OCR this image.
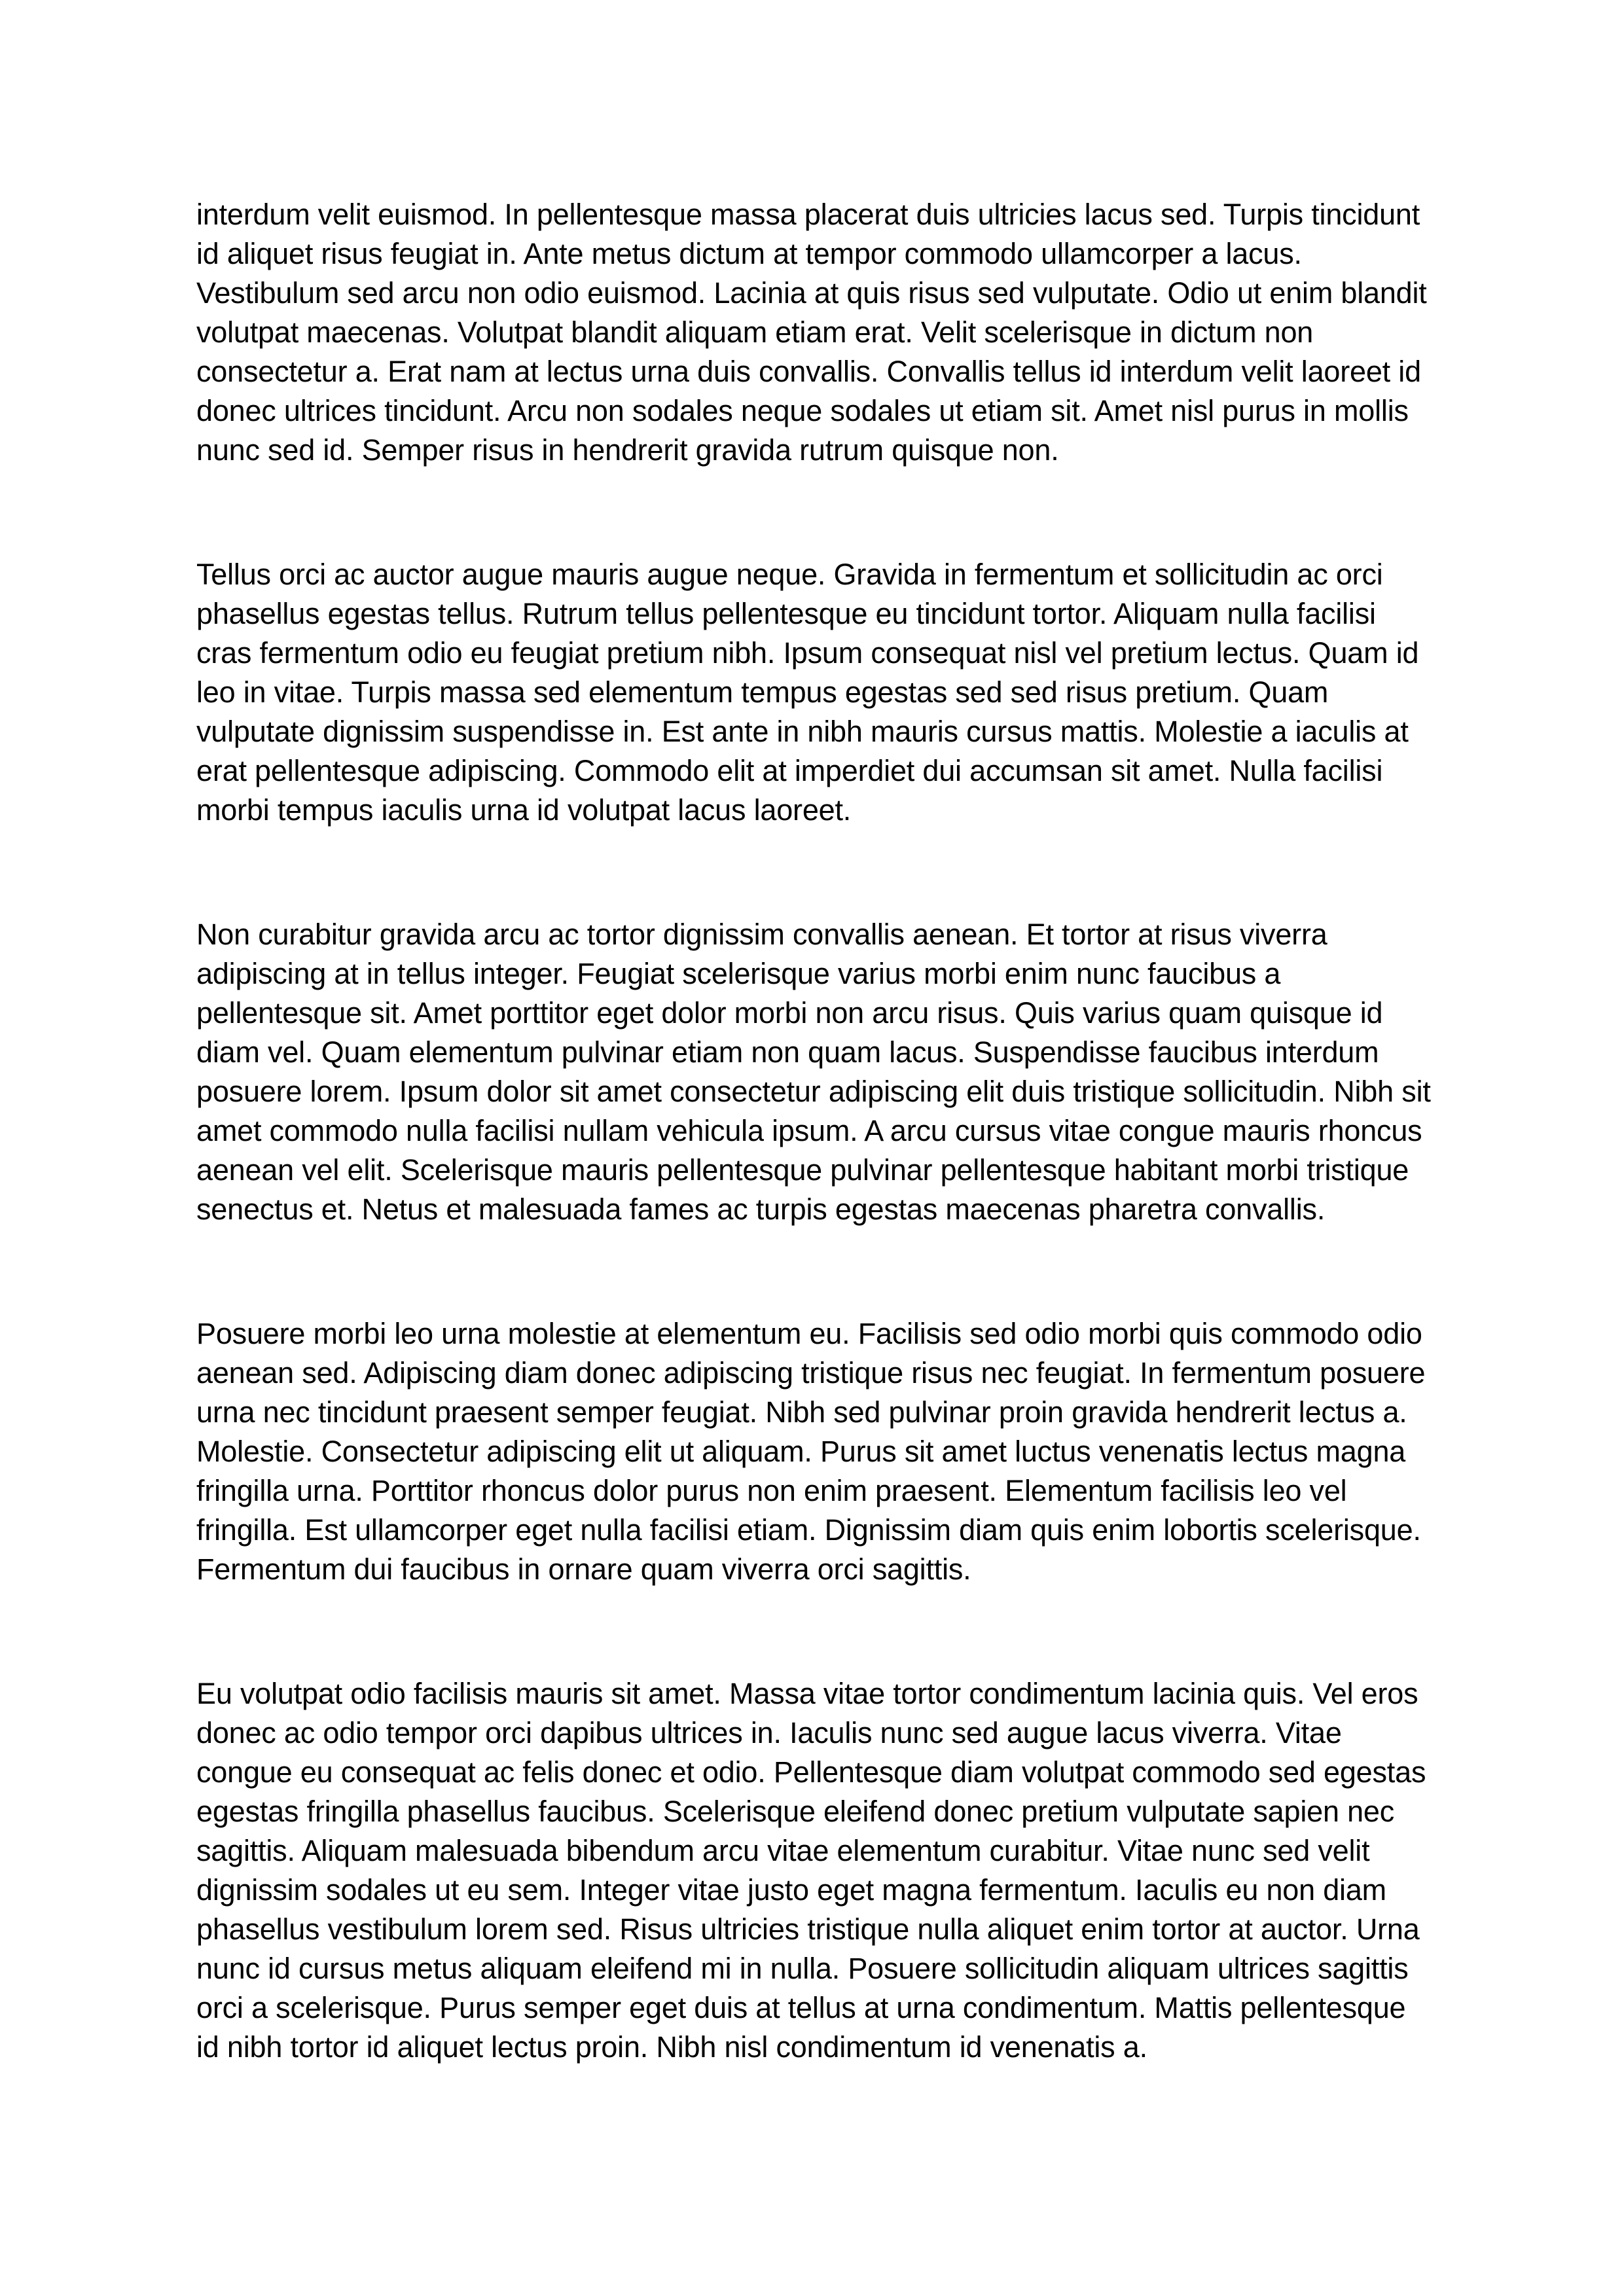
interdum velit euismod. In pellentesque massa placerat duis ultricies lacus sed. Turpis tincidunt id aliquet risus feugiat in. Ante metus dictum at tempor commodo ullamcorper a lacus. Vestibulum sed arcu non odio euismod. Lacinia at quis risus sed vulputate. Odio ut enim blandit volutpat maecenas. Volutpat blandit aliquam etiam erat. Velit scelerisque in dictum non consectetur a. Erat nam at lectus urna duis convallis. Convallis tellus id interdum velit laoreet id donec ultrices tincidunt. Arcu non sodales neque sodales ut etiam sit. Amet nisl purus in mollis nunc sed id. Semper risus in hendrerit gravida rutrum quisque non.

Tellus orci ac auctor augue mauris augue neque. Gravida in fermentum et sollicitudin ac orci phasellus egestas tellus. Rutrum tellus pellentesque eu tincidunt tortor. Aliquam nulla facilisi cras fermentum odio eu feugiat pretium nibh. Ipsum consequat nisl vel pretium lectus. Quam id leo in vitae. Turpis massa sed elementum tempus egestas sed sed risus pretium. Quam vulputate dignissim suspendisse in. Est ante in nibh mauris cursus mattis. Molestie a iaculis at erat pellentesque adipiscing. Commodo elit at imperdiet dui accumsan sit amet. Nulla facilisi morbi tempus iaculis urna id volutpat lacus laoreet.

Non curabitur gravida arcu ac tortor dignissim convallis aenean. Et tortor at risus viverra adipiscing at in tellus integer. Feugiat scelerisque varius morbi enim nunc faucibus a pellentesque sit. Amet porttitor eget dolor morbi non arcu risus. Quis varius quam quisque id diam vel. Quam elementum pulvinar etiam non quam lacus. Suspendisse faucibus interdum posuere lorem. Ipsum dolor sit amet consectetur adipiscing elit duis tristique sollicitudin. Nibh sit amet commodo nulla facilisi nullam vehicula ipsum. A arcu cursus vitae congue mauris rhoncus aenean vel elit. Scelerisque mauris pellentesque pulvinar pellentesque habitant morbi tristique senectus et. Netus et malesuada fames ac turpis egestas maecenas pharetra convallis.

Posuere morbi leo urna molestie at elementum eu. Facilisis sed odio morbi quis commodo odio aenean sed. Adipiscing diam donec adipiscing tristique risus nec feugiat. In fermentum posuere urna nec tincidunt praesent semper feugiat. Nibh sed pulvinar proin gravida hendrerit lectus a. Molestie. Consectetur adipiscing elit ut aliquam. Purus sit amet luctus venenatis lectus magna fringilla urna. Porttitor rhoncus dolor purus non enim praesent. Elementum facilisis leo vel fringilla. Est ullamcorper eget nulla facilisi etiam. Dignissim diam quis enim lobortis scelerisque. Fermentum dui faucibus in ornare quam viverra orci sagittis.

Eu volutpat odio facilisis mauris sit amet. Massa vitae tortor condimentum lacinia quis. Vel eros donec ac odio tempor orci dapibus ultrices in. Iaculis nunc sed augue lacus viverra. Vitae congue eu consequat ac felis donec et odio. Pellentesque diam volutpat commodo sed egestas egestas fringilla phasellus faucibus. Scelerisque eleifend donec pretium vulputate sapien nec sagittis. Aliquam malesuada bibendum arcu vitae elementum curabitur. Vitae nunc sed velit dignissim sodales ut eu sem. Integer vitae justo eget magna fermentum. Iaculis eu non diam phasellus vestibulum lorem sed. Risus ultricies tristique nulla aliquet enim tortor at auctor. Urna nunc id cursus metus aliquam eleifend mi in nulla. Posuere sollicitudin aliquam ultrices sagittis orci a scelerisque. Purus semper eget duis at tellus at urna condimentum. Mattis pellentesque id nibh tortor id aliquet lectus proin. Nibh nisl condimentum id venenatis a.
